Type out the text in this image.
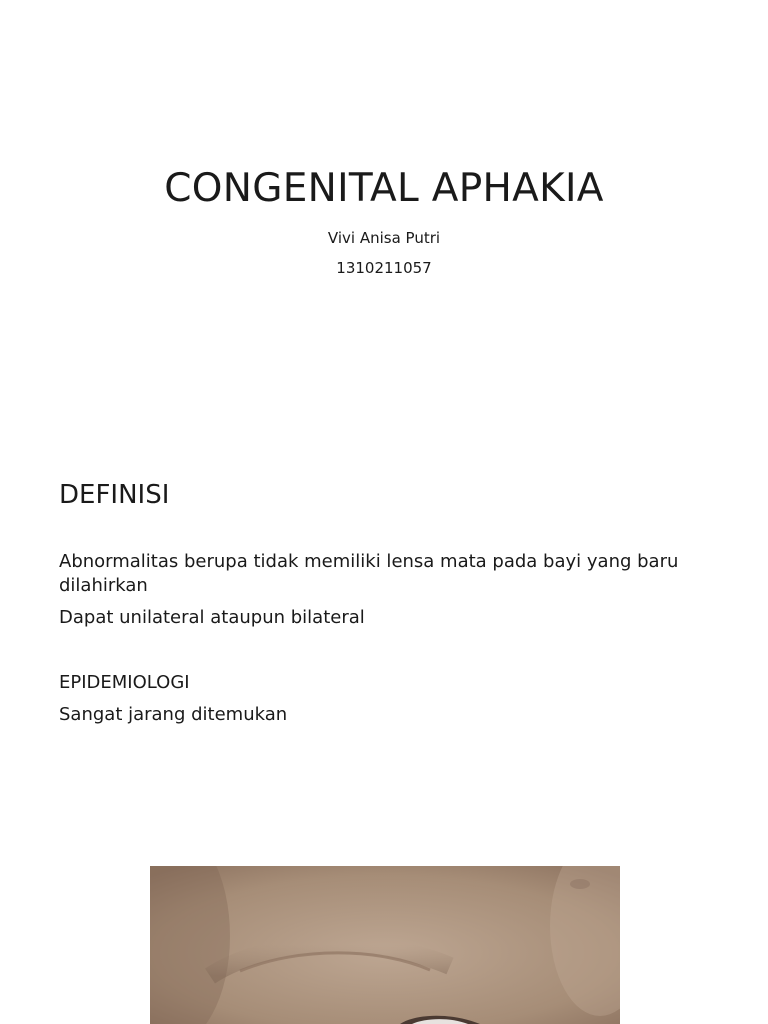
CONGENITAL APHAKIA
Vivi Anisa Putri
1310211057
DEFINISI
Abnormalitas berupa tidak memiliki lensa mata pada bayi yang baru dilahirkan
Dapat unilateral ataupun bilateral
EPIDEMIOLOGI
Sangat jarang ditemukan
